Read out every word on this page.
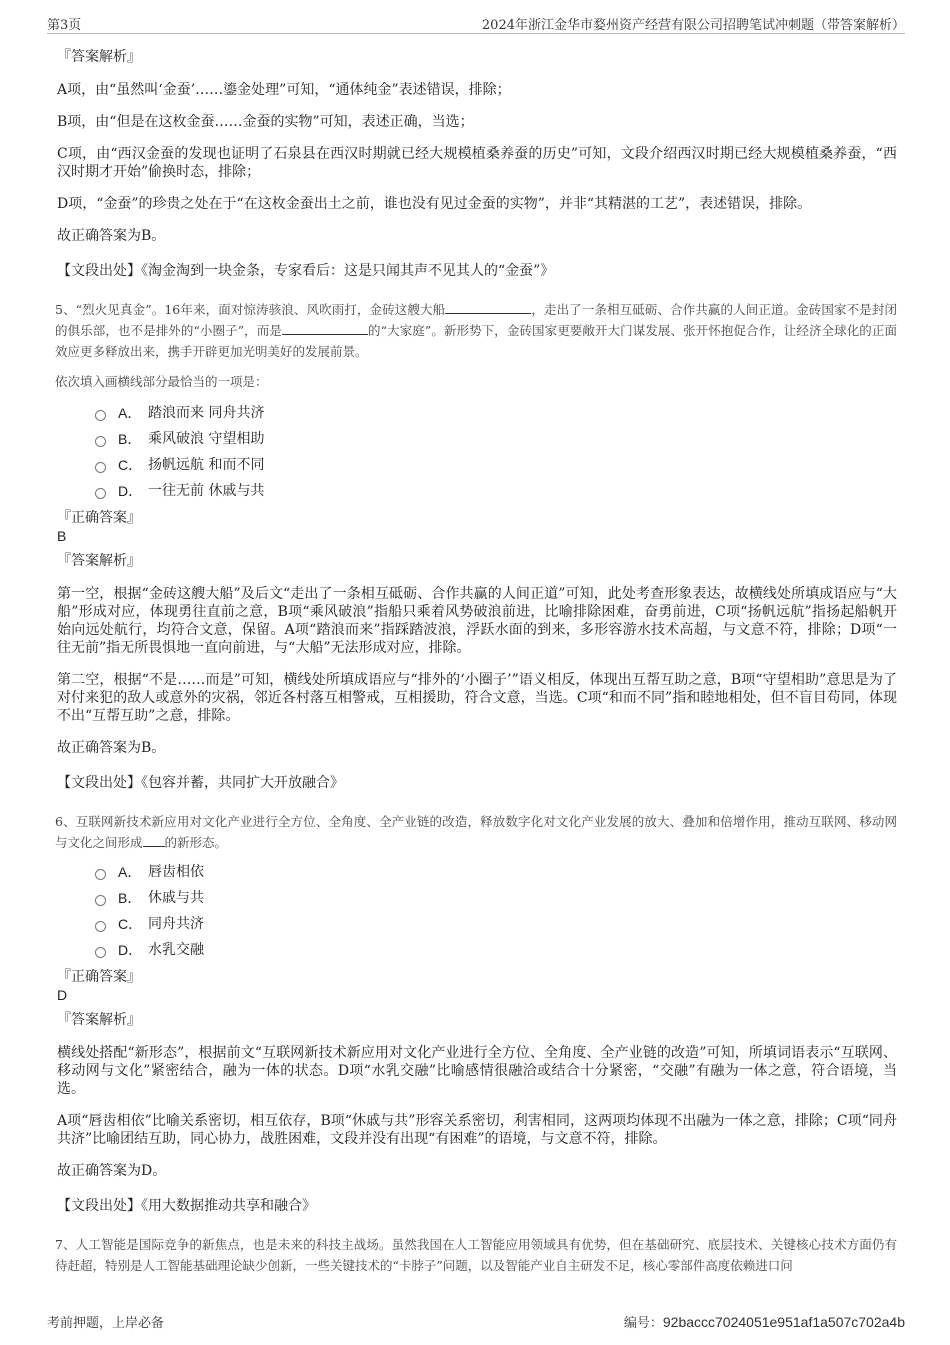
第3页	2024年浙江金华市婺州资产经营有限公司招聘笔试冲刺题（带答案解析）

『答案解析』

A项，由“虽然叫‘金蚕’……鎏金处理”可知，“通体纯金”表述错误，排除；

B项，由“但是在这枚金蚕……金蚕的实物”可知，表述正确，当选；

C项，由“西汉金蚕的发现也证明了石泉县在西汉时期就已经大规模植桑养蚕的历史”可知，文段介绍西汉时期已经大规模植桑养蚕，“西汉时期才开始”偷换时态，排除；

D项，“金蚕”的珍贵之处在于“在这枚金蚕出土之前，谁也没有见过金蚕的实物”，并非“其精湛的工艺”，表述错误，排除。

故正确答案为B。

【文段出处】《淘金淘到一块金条，专家看后：这是只闻其声不见其人的“金蚕”》

5、“烈火见真金”。16年来，面对惊涛骇浪、风吹雨打，金砖这艘大船	，走出了一条相互砥砺、合作共赢的人间正道。金砖国家不是封闭的俱乐部，也不是排外的“小圈子”，而是	的“大家庭”。新形势下，金砖国家更要敞开大门谋发展、张开怀抱促合作，让经济全球化的正面效应更多释放出来，携手开辟更加光明美好的发展前景。

依次填入画横线部分最恰当的一项是：

A． 踏浪而来 同舟共济
B． 乘风破浪 守望相助
C． 扬帆远航 和而不同
D． 一往无前 休戚与共

『正确答案』

B

『答案解析』

第一空，根据“金砖这艘大船”及后文“走出了一条相互砥砺、合作共赢的人间正道”可知，此处考查形象表达，故横线处所填成语应与“大船”形成对应，体现勇往直前之意，B项“乘风破浪”指船只乘着风势破浪前进，比喻排除困难，奋勇前进，C项“扬帆远航”指扬起船帆开始向远处航行，均符合文意，保留。A项“踏浪而来”指踩踏波浪，浮跃水面的到来，多形容游水技术高超，与文意不符，排除；D项“一往无前”指无所畏惧地一直向前进，与“大船”无法形成对应，排除。

第二空，根据“不是……而是”可知，横线处所填成语应与“排外的‘小圈子’”语义相反，体现出互帮互助之意，B项“守望相助”意思是为了对付来犯的敌人或意外的灾祸，邻近各村落互相警戒，互相援助，符合文意，当选。C项“和而不同”指和睦地相处，但不盲目苟同，体现不出“互帮互助”之意，排除。

故正确答案为B。

【文段出处】《包容并蓄，共同扩大开放融合》

6、互联网新技术新应用对文化产业进行全方位、全角度、全产业链的改造，释放数字化对文化产业发展的放大、叠加和倍增作用，推动互联网、移动网与文化之间形成 的新形态。

A． 唇齿相依
B． 休戚与共
C． 同舟共济
D． 水乳交融

『正确答案』

D

『答案解析』

横线处搭配“新形态”，根据前文“互联网新技术新应用对文化产业进行全方位、全角度、全产业链的改造”可知，所填词语表示“互联网、移动网与文化”紧密结合，融为一体的状态。D项“水乳交融”比喻感情很融洽或结合十分紧密，“交融”有融为一体之意，符合语境，当选。

A项“唇齿相依”比喻关系密切，相互依存，B项“休戚与共”形容关系密切，利害相同，这两项均体现不出融为一体之意，排除；C项“同舟共济”比喻团结互助，同心协力，战胜困难，文段并没有出现“有困难”的语境，与文意不符，排除。

故正确答案为D。

【文段出处】《用大数据推动共享和融合》

7、人工智能是国际竞争的新焦点，也是未来的科技主战场。虽然我国在人工智能应用领域具有优势，但在基础研究、底层技术、关键核心技术方面仍有待赶超，特别是人工智能基础理论缺少创新，一些关键技术的“卡脖子”问题，以及智能产业自主研发不足，核心零部件高度依赖进口问

考前押题，上岸必备	编号：92baccc7024051e951af1a507c702a4b
